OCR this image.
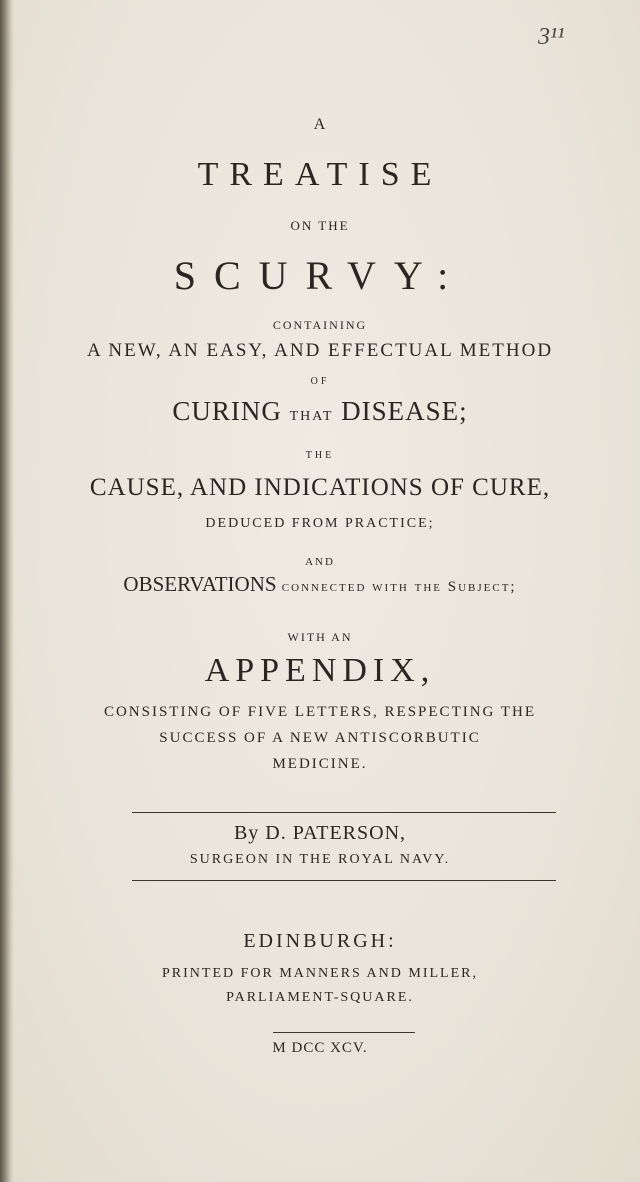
3¹¹
A
TREATISE
ON THE
SCURVY:
CONTAINING
A NEW, AN EASY, AND EFFECTUAL METHOD
OF
CURING that DISEASE;
THE
CAUSE, AND INDICATIONS OF CURE,
DEDUCED FROM PRACTICE;
AND
OBSERVATIONS connected with the Subject;
WITH AN
APPENDIX,
CONSISTING OF FIVE LETTERS, RESPECTING THE
SUCCESS OF A NEW ANTISCORBUTIC
MEDICINE.
By D. PATERSON,
SURGEON IN THE ROYAL NAVY.
EDINBURGH:
PRINTED FOR MANNERS AND MILLER,
PARLIAMENT-SQUARE.
M DCC XCV.
